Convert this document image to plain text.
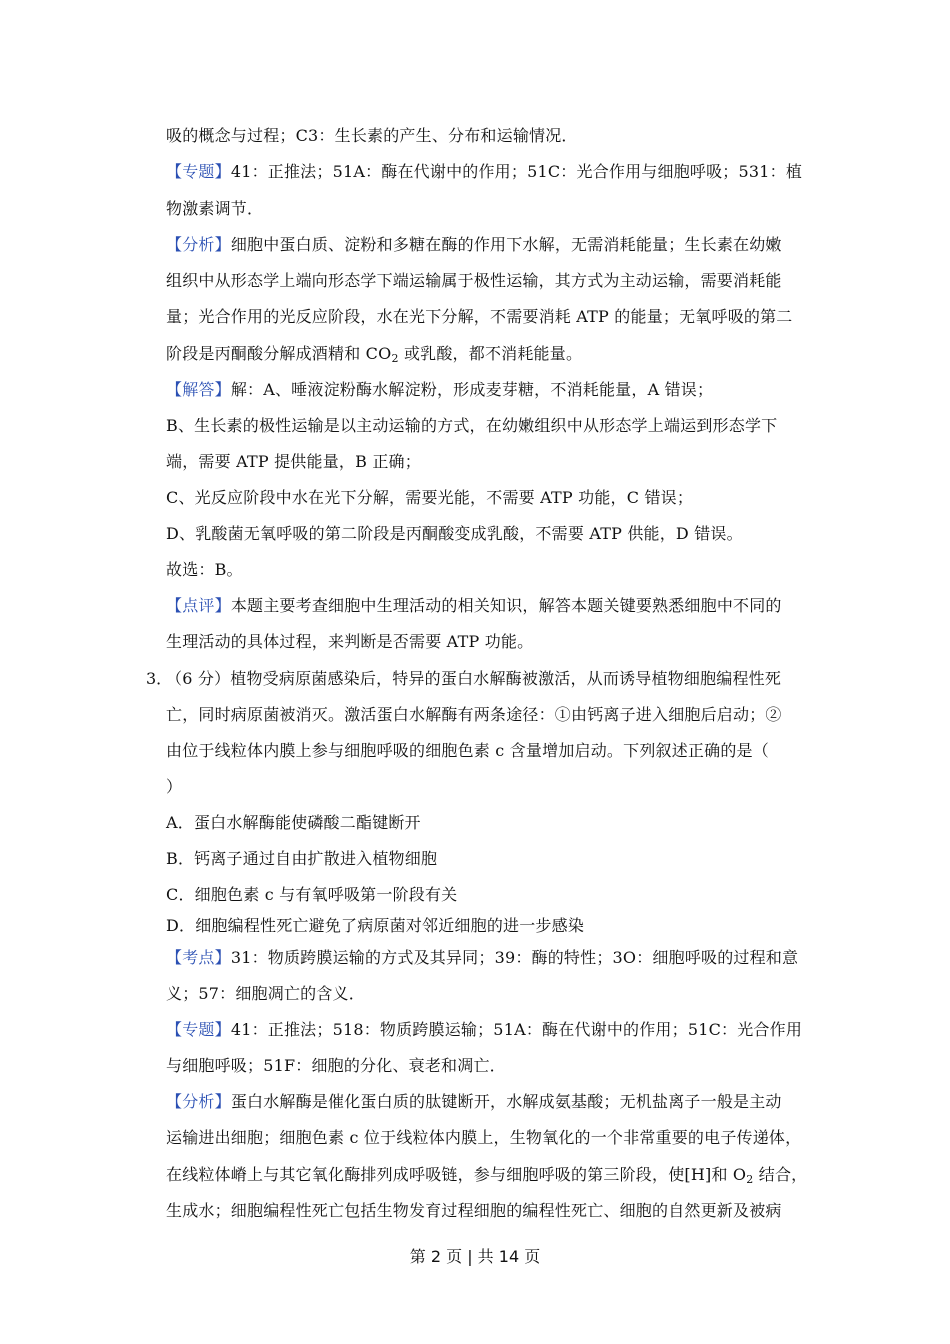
吸的概念与过程；C3：生长素的产生、分布和运输情况．
【专题】41：正推法；51A：酶在代谢中的作用；51C：光合作用与细胞呼吸；531：植
物激素调节．
【分析】细胞中蛋白质、淀粉和多糖在酶的作用下水解，无需消耗能量；生长素在幼嫩
组织中从形态学上端向形态学下端运输属于极性运输，其方式为主动运输，需要消耗能
量；光合作用的光反应阶段，水在光下分解，不需要消耗 ATP 的能量；无氧呼吸的第二
阶段是丙酮酸分解成酒精和 $CO_2$ 或乳酸，都不消耗能量。
【解答】解：A、唾液淀粉酶水解淀粉，形成麦芽糖，不消耗能量，A 错误；
B、生长素的极性运输是以主动运输的方式，在幼嫩组织中从形态学上端运到形态学下
端，需要 ATP 提供能量，B 正确；
C、光反应阶段中水在光下分解，需要光能，不需要 ATP 功能，C 错误；
D、乳酸菌无氧呼吸的第二阶段是丙酮酸变成乳酸，不需要 ATP 供能，D 错误。
故选：B。
【点评】本题主要考查细胞中生理活动的相关知识，解答本题关键要熟悉细胞中不同的
生理活动的具体过程，来判断是否需要 ATP 功能。
3．
（6 分）植物受病原菌感染后，特异的蛋白水解酶被激活，从而诱导植物细胞编程性死
亡，同时病原菌被消灭。激活蛋白水解酶有两条途径：①由钙离子进入细胞后启动；②
由位于线粒体内膜上参与细胞呼吸的细胞色素 c 含量增加启动。下列叙述正确的是（
）
A．蛋白水解酶能使磷酸二酯键断开
B．钙离子通过自由扩散进入植物细胞
C．细胞色素 c 与有氧呼吸第一阶段有关
D．细胞编程性死亡避免了病原菌对邻近细胞的进一步感染
【考点】31：物质跨膜运输的方式及其异同；39：酶的特性；3O：细胞呼吸的过程和意
义；57：细胞凋亡的含义．
【专题】41：正推法；518：物质跨膜运输；51A：酶在代谢中的作用；51C：光合作用
与细胞呼吸；51F：细胞的分化、衰老和凋亡．
【分析】蛋白水解酶是催化蛋白质的肽键断开，水解成氨基酸；无机盐离子一般是主动
运输进出细胞；细胞色素 c 位于线粒体内膜上，生物氧化的一个非常重要的电子传递体，
在线粒体嵴上与其它氧化酶排列成呼吸链，参与细胞呼吸的第三阶段，使[H]和 $O_2$ 结合，
生成水；细胞编程性死亡包括生物发育过程细胞的编程性死亡、细胞的自然更新及被病
第 2 页 | 共 14 页
